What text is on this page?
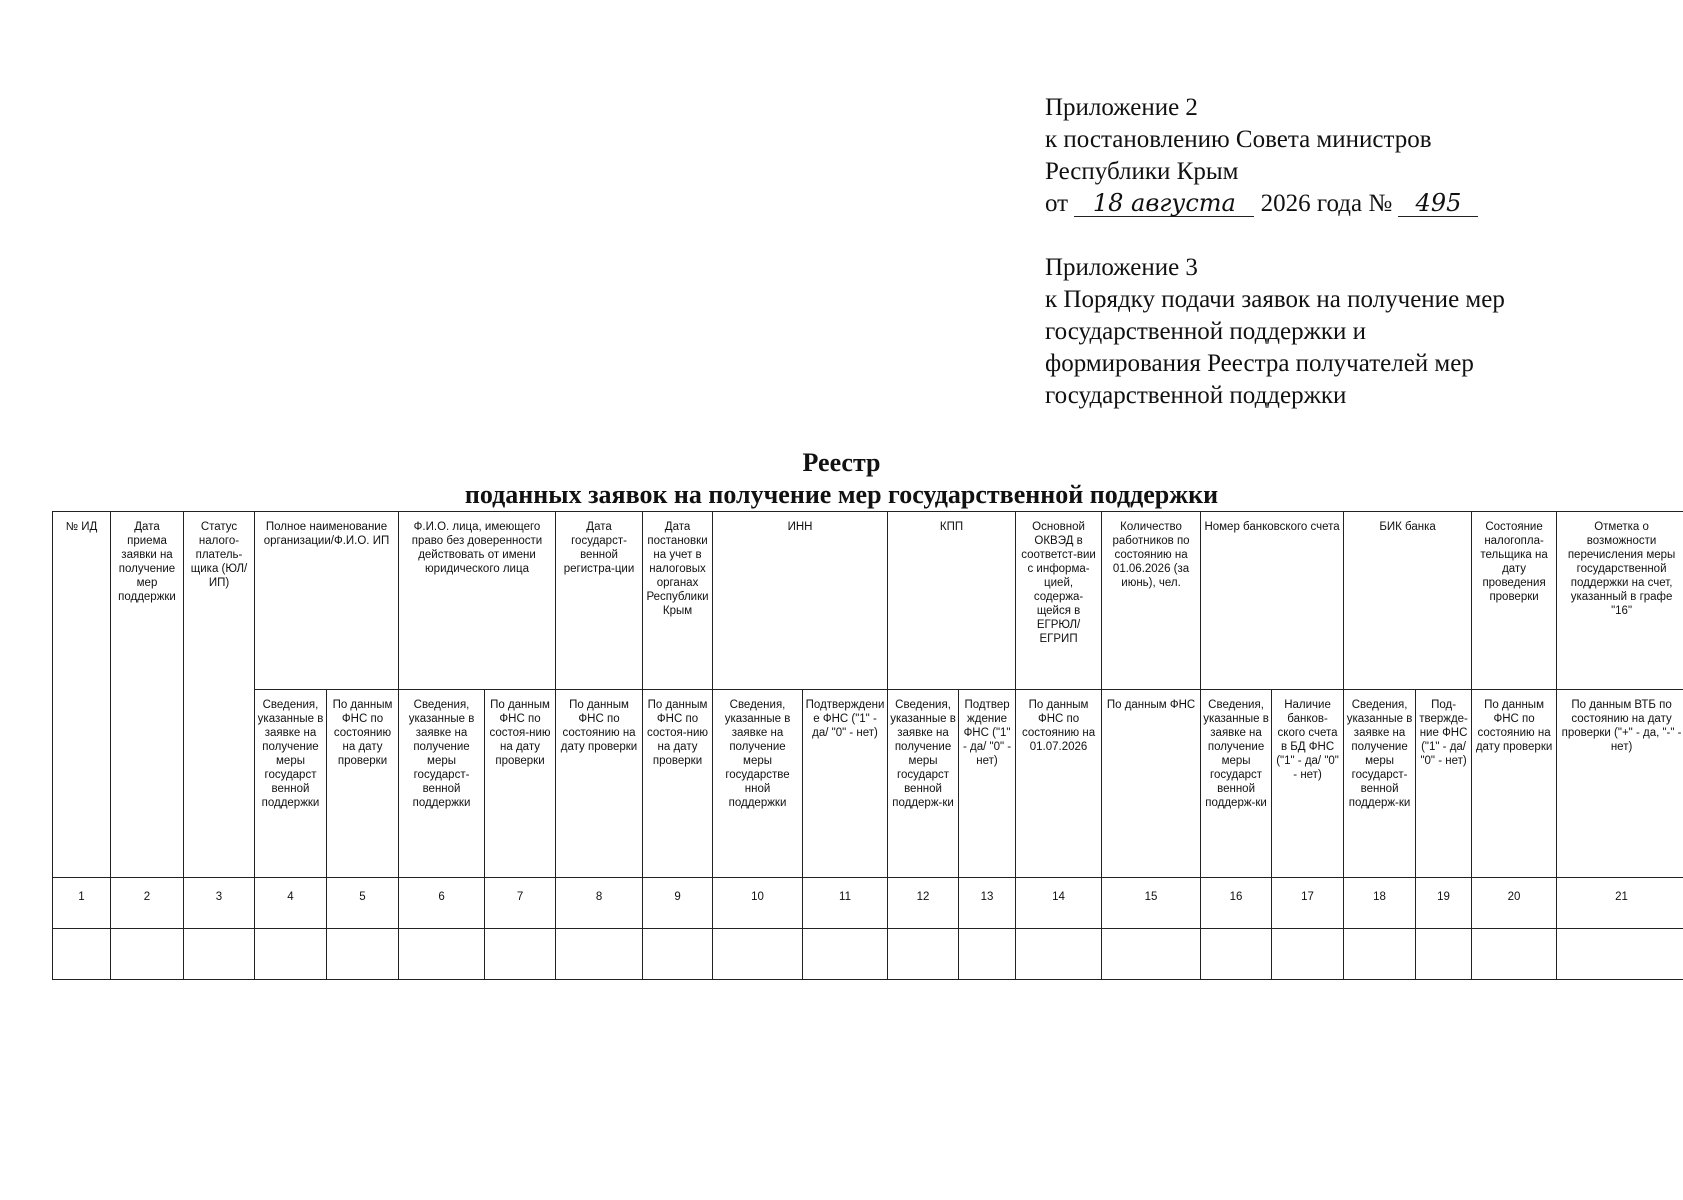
Приложение 2
к постановлению Совета министров
Республики Крым
от 18 августа 2026 года № 495
Приложение 3
к Порядку подачи заявок на получение мер
государственной поддержки и
формирования Реестра получателей мер
государственной поддержки
Реестр
поданных заявок на получение мер государственной поддержки
№ ИД	Дата приема заявки на получение мер поддержки	Статус налого-платель-щика (ЮЛ/ИП)	Полное наименование организации/Ф.И.О. ИП		Ф.И.О. лица, имеющего право без доверенности действовать от имени юридического лица		Дата государст-венной регистра-ции	Дата постановки на учет в налоговых органах Республики Крым	ИНН		КПП		Основной ОКВЭД в соответст-вии с информа-цией, содержа-щейся в ЕГРЮЛ/ ЕГРИП	Количество работников по состоянию на 01.06.2026 (за июнь), чел.	Номер банковского счета		БИК банка		Состояние налогопла-тельщика на дату проведения проверки	Отметка о возможности перечисления меры государственной поддержки на счет, указанный в графе "16"
			Сведения, указанные в заявке на получение меры государст венной поддержки	По данным ФНС по состоянию на дату проверки	Сведения, указанные в заявке на получение меры государст-венной поддержки	По данным ФНС по состоя-нию на дату проверки	По данным ФНС по состоянию на дату проверки	По данным ФНС по состоя-нию на дату проверки	Сведения, указанные в заявке на получение меры государстве нной поддержки	Подтверждение ФНС ("1" - да/ "0" - нет)	Сведения, указанные в заявке на получение меры государст венной поддерж-ки	Подтверждение ФНС ("1" - да/ "0" - нет)	По данным ФНС по состоянию на 01.07.2026	По данным ФНС	Сведения, указанные в заявке на получение меры государст венной поддерж-ки	Наличие банков-ского счета в БД ФНС ("1" - да/ "0" - нет)	Сведения, указанные в заявке на получение меры государст-венной поддерж-ки	Под-твержде-ние ФНС ("1" - да/ "0" - нет)	По данным ФНС по состоянию на дату проверки	По данным ВТБ по состоянию на дату проверки ("+" - да, "-" - нет)
1	2	3	4	5	6	7	8	9	10	11	12	13	14	15	16	17	18	19	20	21
